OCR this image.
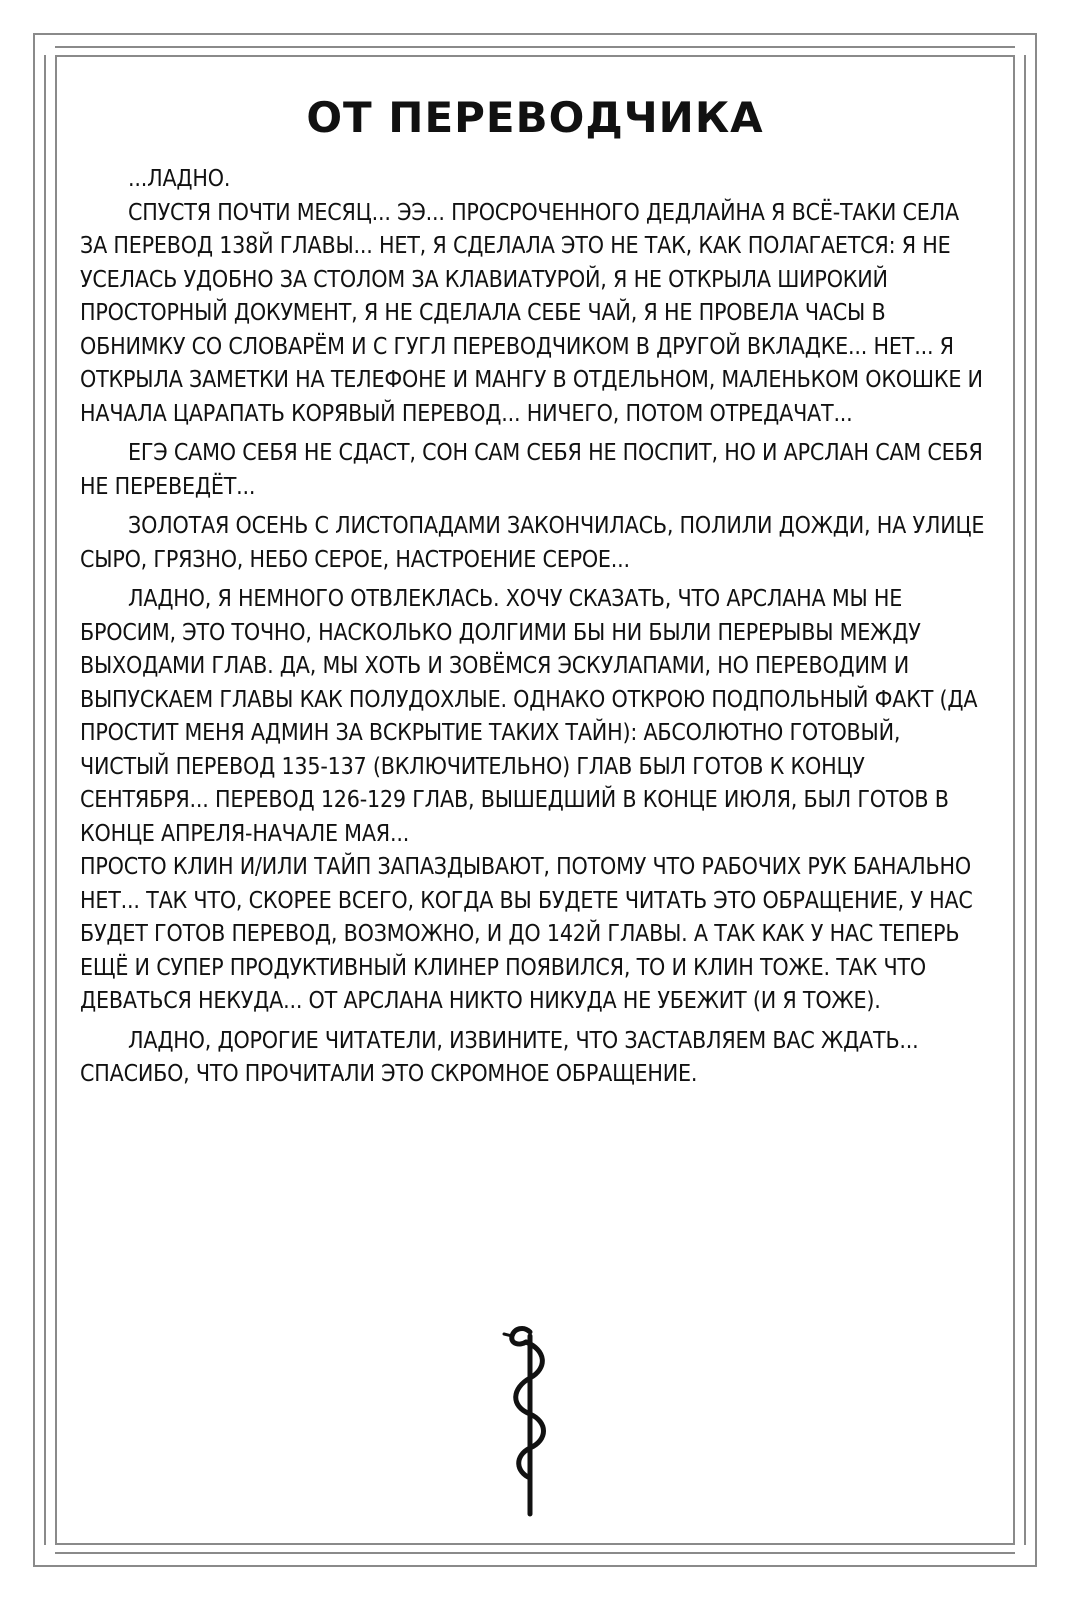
ОТ ПЕРЕВОДЧИКА

...ЛАДНО.

СПУСТЯ ПОЧТИ МЕСЯЦ... ЭЭ... ПРОСРОЧЕННОГО ДЕДЛАЙНА Я ВСЁ-ТАКИ СЕЛА ЗА ПЕРЕВОД 138Й ГЛАВЫ... НЕТ, Я СДЕЛАЛА ЭТО НЕ ТАК, КАК ПОЛАГАЕТСЯ: Я НЕ УСЕЛАСЬ УДОБНО ЗА СТОЛОМ ЗА КЛАВИАТУРОЙ, Я НЕ ОТКРЫЛА ШИРОКИЙ ПРОСТОРНЫЙ ДОКУМЕНТ, Я НЕ СДЕЛАЛА СЕБЕ ЧАЙ, Я НЕ ПРОВЕЛА ЧАСЫ В ОБНИМКУ СО СЛОВАРЁМ И С ГУГЛ ПЕРЕВОДЧИКОМ В ДРУГОЙ ВКЛАДКЕ... НЕТ... Я ОТКРЫЛА ЗАМЕТКИ НА ТЕЛЕФОНЕ И МАНГУ В ОТДЕЛЬНОМ, МАЛЕНЬКОМ ОКОШКЕ И НАЧАЛА ЦАРАПАТЬ КОРЯВЫЙ ПЕРЕВОД... НИЧЕГО, ПОТОМ ОТРЕДАЧАТ...

ЕГЭ САМО СЕБЯ НЕ СДАСТ, СОН САМ СЕБЯ НЕ ПОСПИТ, НО И АРСЛАН САМ СЕБЯ НЕ ПЕРЕВЕДЁТ...

ЗОЛОТАЯ ОСЕНЬ С ЛИСТОПАДАМИ ЗАКОНЧИЛАСЬ, ПОЛИЛИ ДОЖДИ, НА УЛИЦЕ СЫРО, ГРЯЗНО, НЕБО СЕРОЕ, НАСТРОЕНИЕ СЕРОЕ...

ЛАДНО, Я НЕМНОГО ОТВЛЕКЛАСЬ. ХОЧУ СКАЗАТЬ, ЧТО АРСЛАНА МЫ НЕ БРОСИМ, ЭТО ТОЧНО, НАСКОЛЬКО ДОЛГИМИ БЫ НИ БЫЛИ ПЕРЕРЫВЫ МЕЖДУ ВЫХОДАМИ ГЛАВ. ДА, МЫ ХОТЬ И ЗОВЁМСЯ ЭСКУЛАПАМИ, НО ПЕРЕВОДИМ И ВЫПУСКАЕМ ГЛАВЫ КАК ПОЛУДОХЛЫЕ. ОДНАКО ОТКРОЮ ПОДПОЛЬНЫЙ ФАКТ (ДА ПРОСТИТ МЕНЯ АДМИН ЗА ВСКРЫТИЕ ТАКИХ ТАЙН): АБСОЛЮТНО ГОТОВЫЙ, ЧИСТЫЙ ПЕРЕВОД 135-137 (ВКЛЮЧИТЕЛЬНО) ГЛАВ БЫЛ ГОТОВ К КОНЦУ СЕНТЯБРЯ... ПЕРЕВОД 126-129 ГЛАВ, ВЫШЕДШИЙ В КОНЦЕ ИЮЛЯ, БЫЛ ГОТОВ В КОНЦЕ АПРЕЛЯ-НАЧАЛЕ МАЯ...

ПРОСТО КЛИН И/ИЛИ ТАЙП ЗАПАЗДЫВАЮТ, ПОТОМУ ЧТО РАБОЧИХ РУК БАНАЛЬНО НЕТ... ТАК ЧТО, СКОРЕЕ ВСЕГО, КОГДА ВЫ БУДЕТЕ ЧИТАТЬ ЭТО ОБРАЩЕНИЕ, У НАС БУДЕТ ГОТОВ ПЕРЕВОД, ВОЗМОЖНО, И ДО 142Й ГЛАВЫ. А ТАК КАК У НАС ТЕПЕРЬ ЕЩЁ И СУПЕР ПРОДУКТИВНЫЙ КЛИНЕР ПОЯВИЛСЯ, ТО И КЛИН ТОЖЕ. ТАК ЧТО ДЕВАТЬСЯ НЕКУДА... ОТ АРСЛАНА НИКТО НИКУДА НЕ УБЕЖИТ (И Я ТОЖЕ).

ЛАДНО, ДОРОГИЕ ЧИТАТЕЛИ, ИЗВИНИТЕ, ЧТО ЗАСТАВЛЯЕМ ВАС ЖДАТЬ... СПАСИБО, ЧТО ПРОЧИТАЛИ ЭТО СКРОМНОЕ ОБРАЩЕНИЕ.
